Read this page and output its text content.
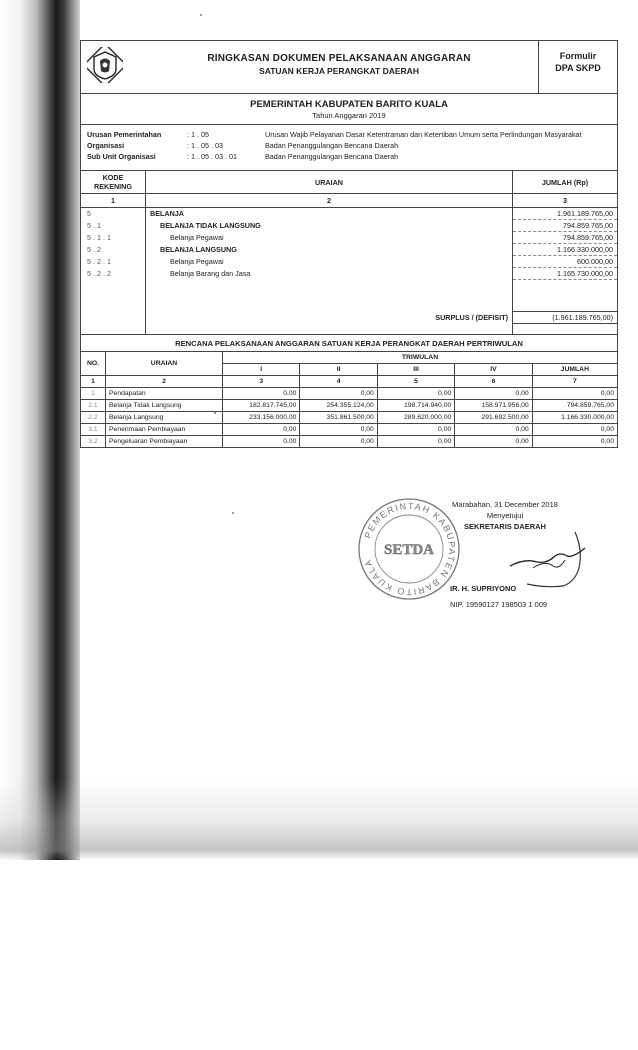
RINGKASAN DOKUMEN PELAKSANAAN ANGGARAN
SATUAN KERJA PERANGKAT DAERAH
Formulir
DPA SKPD
PEMERINTAH KABUPATEN BARITO KUALA
Tahun Anggaran 2019
Urusan Pemerintahan	: 1 . 05	Urusan Wajib Pelayanan Dasar Ketentraman dan Ketertiban Umum serta Perlindungan Masyarakat
Organisasi	: 1 . 05 . 03	Badan Penanggulangan Bencana Daerah
Sub Unit Organisasi	: 1 . 05 . 03 . 01	Badan Penanggulangan Bencana Daerah
KODE REKENING	URAIAN	JUMLAH (Rp)
1	2	3
5	BELANJA	1.961.189.765,00
5 . 1	BELANJA TIDAK LANGSUNG	794.859.765,00
5 . 1 . 1	Belanja Pegawai	794.859.765,00
5 . 2	BELANJA LANGSUNG	1.166.330.000,00
5 . 2 . 1	Belanja Pegawai	600.000,00
5 . 2 . 2	Belanja Barang dan Jasa	1.165.730.000,00

	SURPLUS / (DEFISIT)	(1.961.189.765,00)

RENCANA PELAKSANAAN ANGGARAN SATUAN KERJA PERANGKAT DAERAH PERTRIWULAN
NO.	URAIAN	TRIWULAN				
		I	II	III	IV	JUMLAH
1	2	3	4	5	6	7
1	Pendapatan	0,00	0,00	0,00	0,00	0,00
2.1	Belanja Tidak Langsung	182.817.745,00	254.355.124,00	198.714.940,00	158.971.956,00	794.859.765,00
2.2	Belanja Langsung	233.156.000,00	351.861.500,00	289.620.000,00	291.692.500,00	1.166.330.000,00
3.1	Penerimaan Pembiayaan	0,00	0,00	0,00	0,00	0,00
3.2	Pengeluaran Pembiayaan	0,00	0,00	0,00	0,00	0,00
PEMERINTAH KABUPATEN BARITO KUALA
SETDA
Marabahan, 31 December 2018
Menyetujui
SEKRETARIS DAERAH
IR. H. SUPRIYONO
NIP. 19590127 198503 1 009
